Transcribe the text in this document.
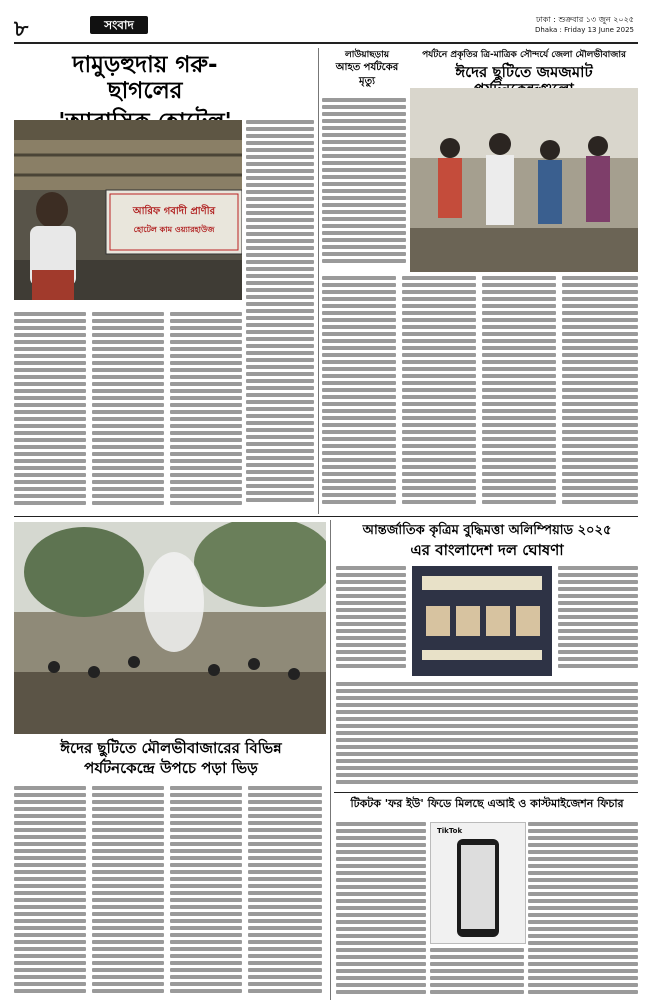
৮	সংবাদ	ঢাকা : শুক্রবার ১৩ জুন ২০২৫
Dhaka : Friday 13 June 2025
দামুড়হুদায় গরু-ছাগলের
আরিফ গবাদী প্রাণীর
হোটেল কাম ওয়্যারহাউজ
লাউয়াছড়ায়
আহত পর্যটকের
মৃত্যু
পর্যটনে প্রকৃতির ত্রি-মাত্রিক সৌন্দর্যে জেলা মৌলভীবাজার
ঈদের ছুটিতে জমজমাট
ঈদের ছুটিতে মৌলভীবাজারের বিভিন্ন
পর্যটনকেন্দ্রে উপচে পড়া ভিড়
আন্তর্জাতিক কৃত্রিম বুদ্ধিমত্তা অলিম্পিয়াড ২০২৫
এর বাংলাদেশ দল ঘোষণা
টিকটক 'ফর ইউ' ফিডে মিলছে এআই ও কাস্টমাইজেশন ফিচার
TikTok
